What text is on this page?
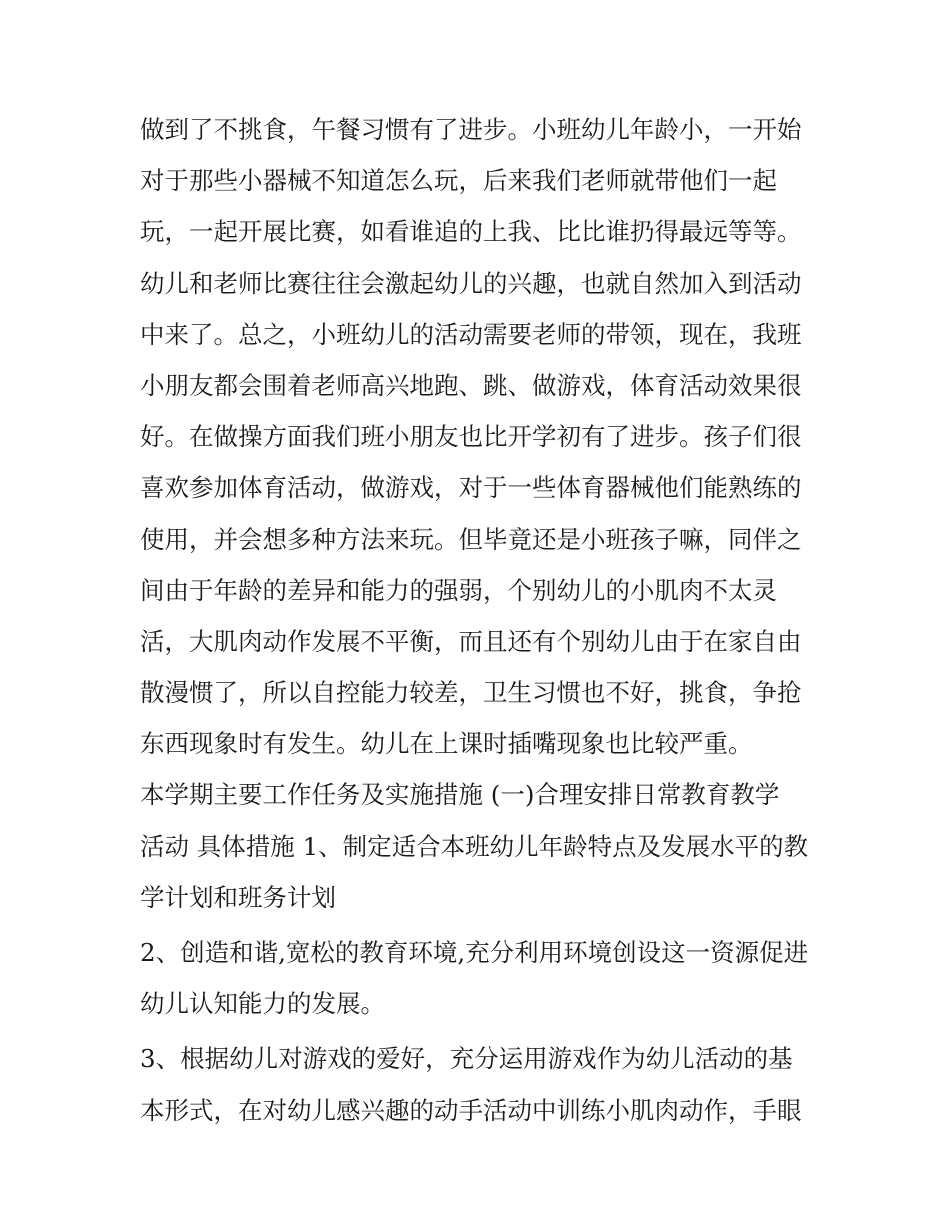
做到了不挑食，午餐习惯有了进步。小班幼儿年龄小，一开始
对于那些小器械不知道怎么玩，后来我们老师就带他们一起
玩，一起开展比赛，如看谁追的上我、比比谁扔得最远等等。
幼儿和老师比赛往往会激起幼儿的兴趣，也就自然加入到活动
中来了。总之，小班幼儿的活动需要老师的带领，现在，我班
小朋友都会围着老师高兴地跑、跳、做游戏，体育活动效果很
好。在做操方面我们班小朋友也比开学初有了进步。孩子们很
喜欢参加体育活动，做游戏，对于一些体育器械他们能熟练的
使用，并会想多种方法来玩。但毕竟还是小班孩子嘛，同伴之
间由于年龄的差异和能力的强弱，个别幼儿的小肌肉不太灵
活，大肌肉动作发展不平衡，而且还有个别幼儿由于在家自由
散漫惯了，所以自控能力较差，卫生习惯也不好，挑食，争抢
东西现象时有发生。幼儿在上课时插嘴现象也比较严重。
本学期主要工作任务及实施措施 (一)合理安排日常教育教学
活动 具体措施 1、制定适合本班幼儿年龄特点及发展水平的教
学计划和班务计划
2、创造和谐,宽松的教育环境,充分利用环境创设这一资源促进
幼儿认知能力的发展。
3、根据幼儿对游戏的爱好，充分运用游戏作为幼儿活动的基
本形式，在对幼儿感兴趣的动手活动中训练小肌肉动作，手眼
